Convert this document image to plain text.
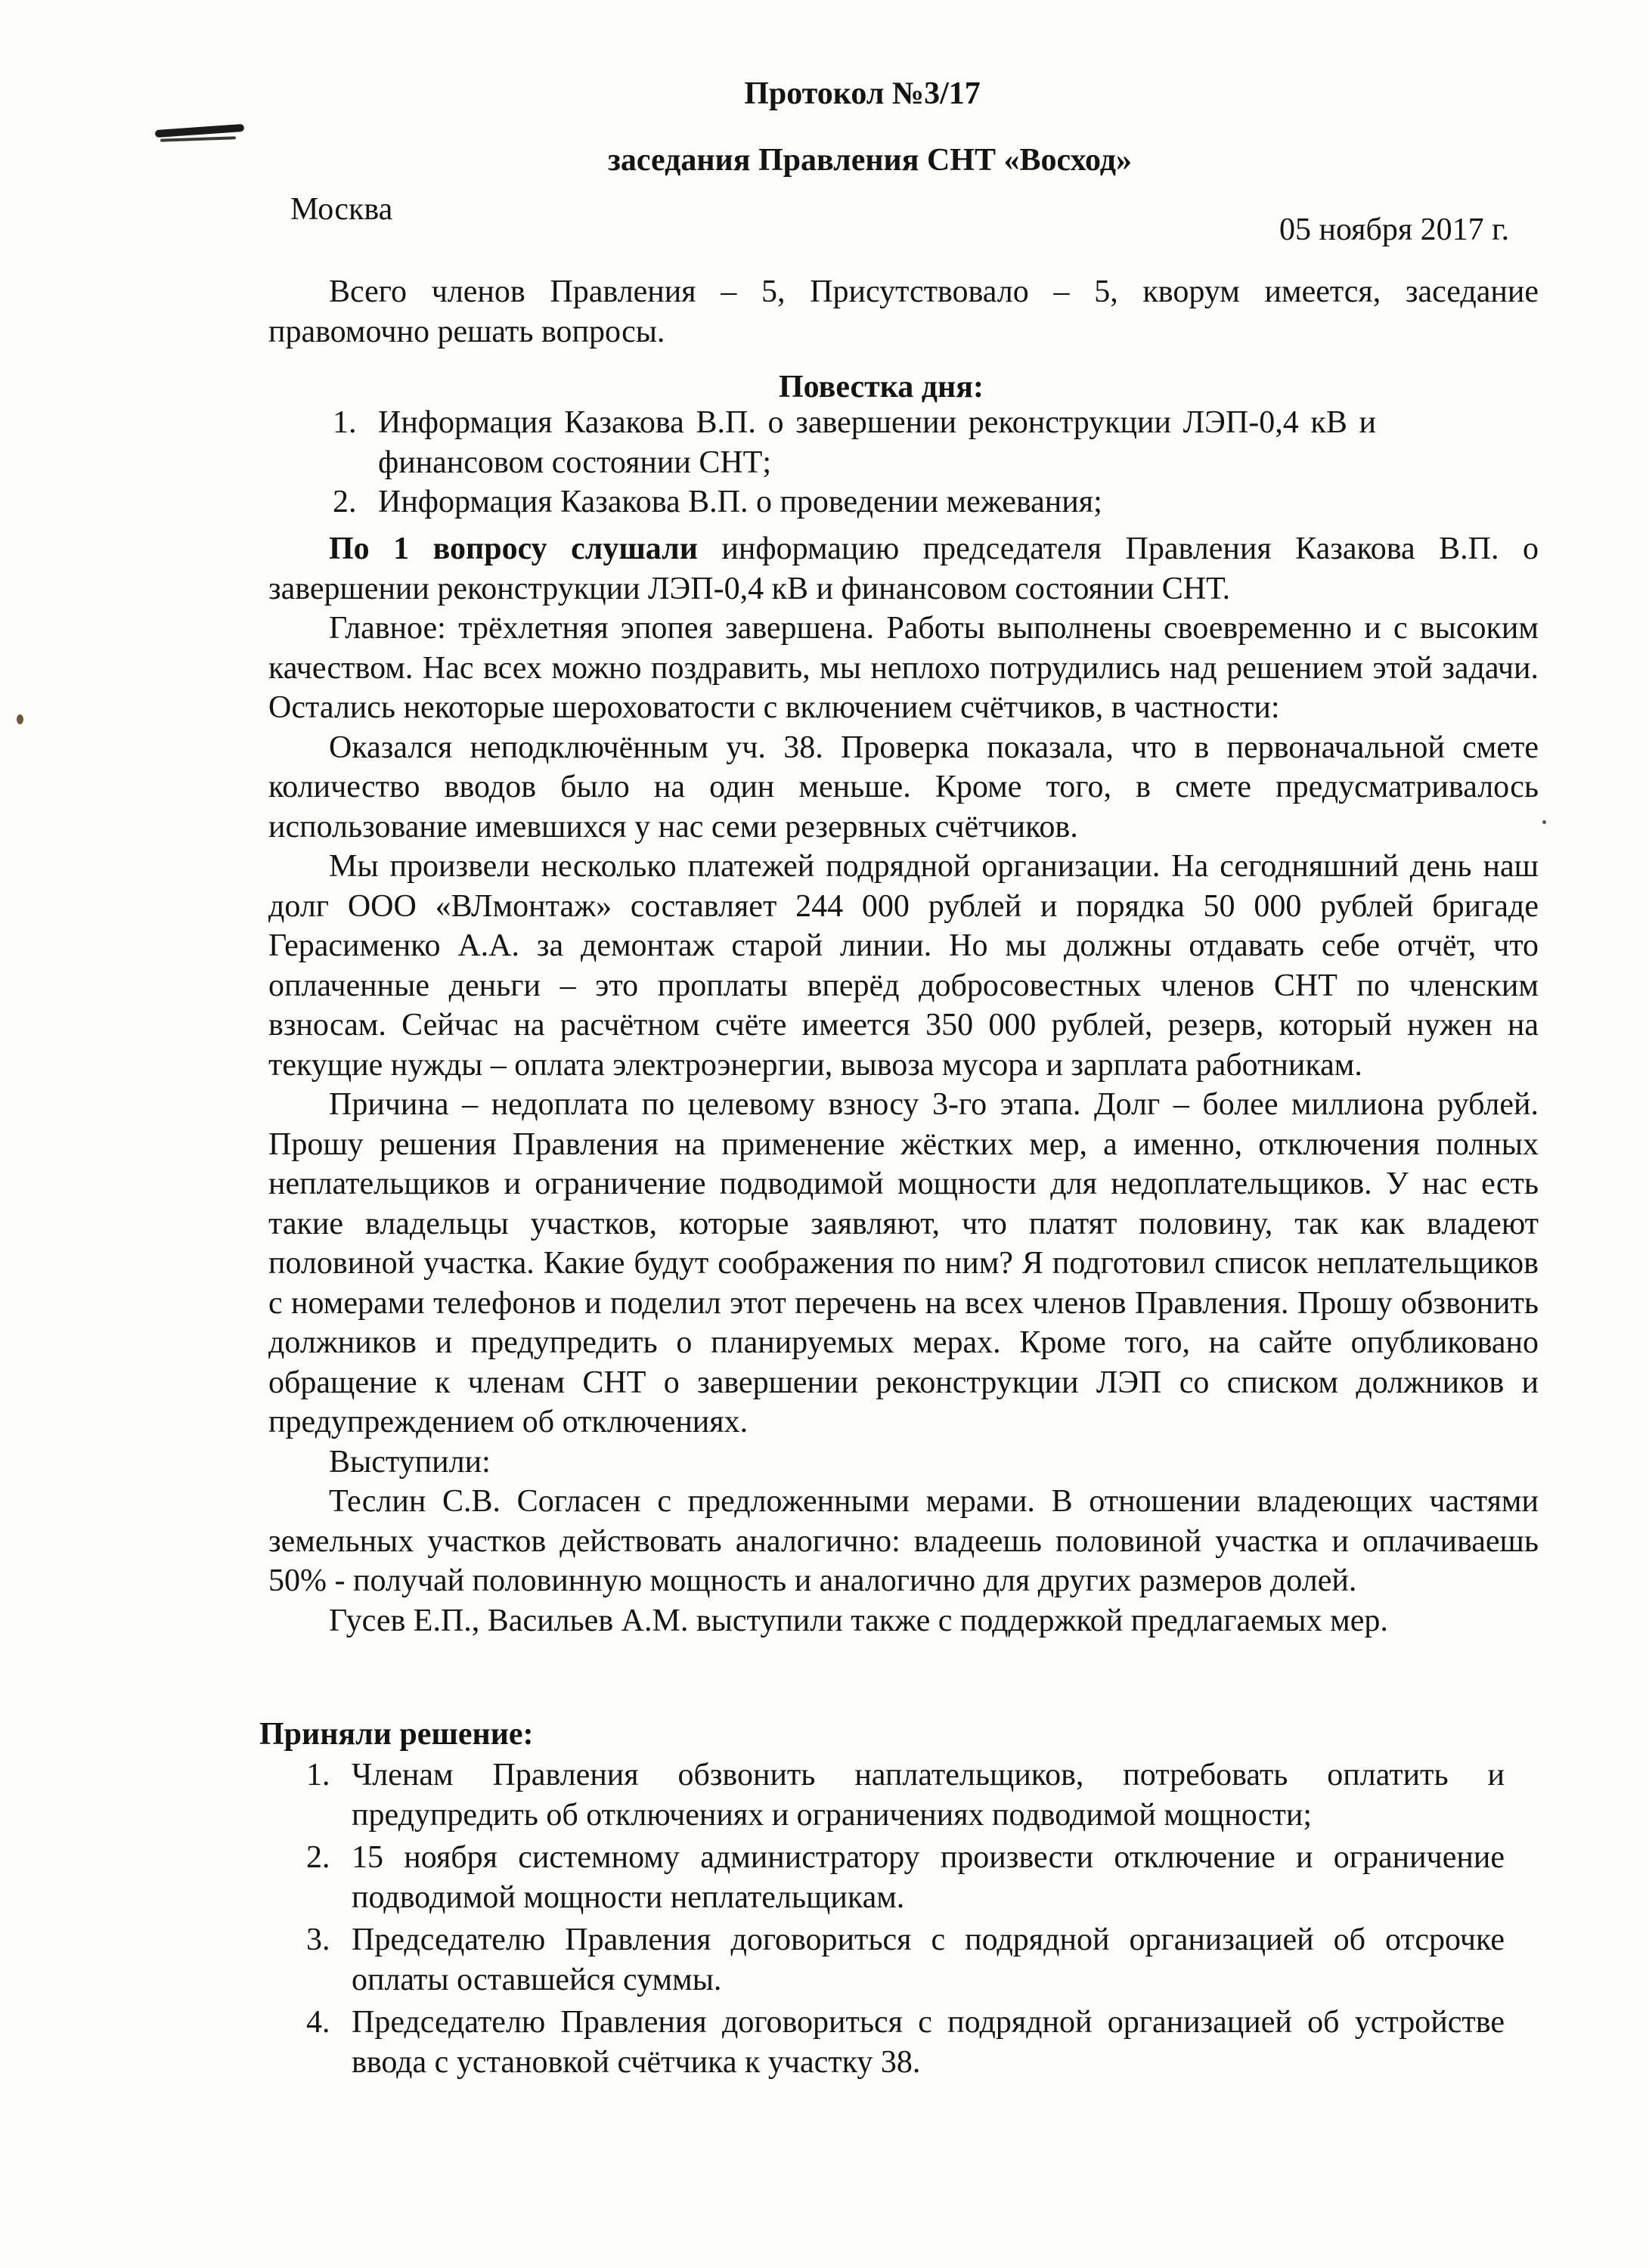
Протокол №3/17
заседания Правления СНТ «Восход»
Москва
05 ноября 2017 г.

Всего членов Правления – 5, Присутствовало – 5, кворум имеется, заседание правомочно решать вопросы.

Повестка дня:
1. Информация Казакова В.П. о завершении реконструкции ЛЭП-0,4 кВ и финансовом состоянии СНТ;
2. Информация Казакова В.П. о проведении межевания;

По 1 вопросу слушали информацию председателя Правления Казакова В.П. о завершении реконструкции ЛЭП-0,4 кВ и финансовом состоянии СНТ.

Главное: трёхлетняя эпопея завершена. Работы выполнены своевременно и с высоким качеством. Нас всех можно поздравить, мы неплохо потрудились над решением этой задачи. Остались некоторые шероховатости с включением счётчиков, в частности:

Оказался неподключённым уч. 38. Проверка показала, что в первоначальной смете количество вводов было на один меньше. Кроме того, в смете предусматривалось использование имевшихся у нас семи резервных счётчиков.

Мы произвели несколько платежей подрядной организации. На сегодняшний день наш долг ООО «ВЛмонтаж» составляет 244 000 рублей и порядка 50 000 рублей бригаде Герасименко А.А. за демонтаж старой линии. Но мы должны отдавать себе отчёт, что оплаченные деньги – это проплаты вперёд добросовестных членов СНТ по членским взносам. Сейчас на расчётном счёте имеется 350 000 рублей, резерв, который нужен на текущие нужды – оплата электроэнергии, вывоза мусора и зарплата работникам.

Причина – недоплата по целевому взносу 3-го этапа. Долг – более миллиона рублей. Прошу решения Правления на применение жёстких мер, а именно, отключения полных неплательщиков и ограничение подводимой мощности для недоплательщиков. У нас есть такие владельцы участков, которые заявляют, что платят половину, так как владеют половиной участка. Какие будут соображения по ним? Я подготовил список неплательщиков с номерами телефонов и поделил этот перечень на всех членов Правления. Прошу обзвонить должников и предупредить о планируемых мерах. Кроме того, на сайте опубликовано обращение к членам СНТ о завершении реконструкции ЛЭП со списком должников и предупреждением об отключениях.

Выступили:

Теслин С.В. Согласен с предложенными мерами. В отношении владеющих частями земельных участков действовать аналогично: владеешь половиной участка и оплачиваешь 50% - получай половинную мощность и аналогично для других размеров долей.

Гусев Е.П., Васильев А.М. выступили также с поддержкой предлагаемых мер.

Приняли решение:
1. Членам Правления обзвонить наплательщиков, потребовать оплатить и предупредить об отключениях и ограничениях подводимой мощности;
2. 15 ноября системному администратору произвести отключение и ограничение подводимой мощности неплательщикам.
3. Председателю Правления договориться с подрядной организацией об отсрочке оплаты оставшейся суммы.
4. Председателю Правления договориться с подрядной организацией об устройстве ввода с установкой счётчика к участку 38.
